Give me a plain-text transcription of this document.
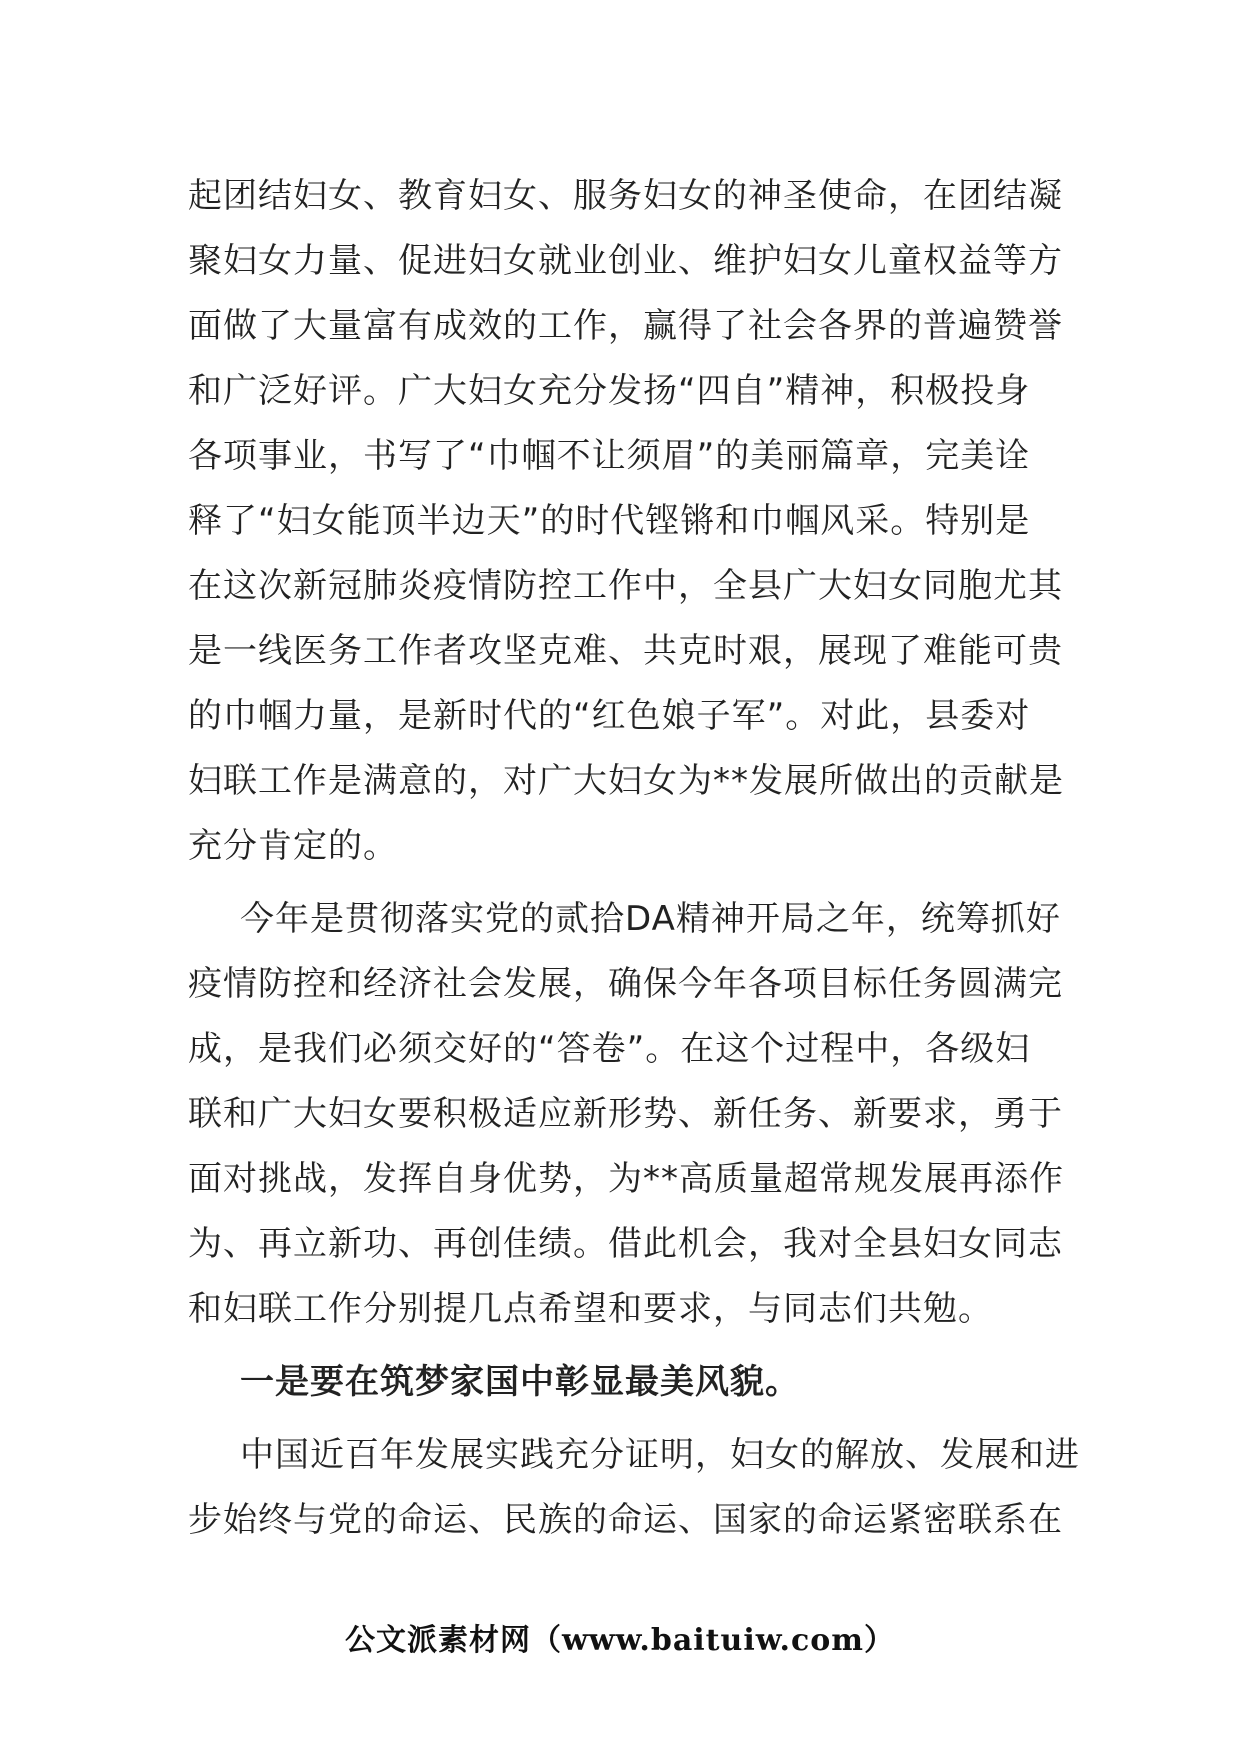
起团结妇女、教育妇女、服务妇女的神圣使命，在团结凝
聚妇女力量、促进妇女就业创业、维护妇女儿童权益等方
面做了大量富有成效的工作，赢得了社会各界的普遍赞誉
和广泛好评。广大妇女充分发扬“四自”精神，积极投身
各项事业，书写了“巾帼不让须眉”的美丽篇章，完美诠
释了“妇女能顶半边天”的时代铿锵和巾帼风采。特别是
在这次新冠肺炎疫情防控工作中，全县广大妇女同胞尤其
是一线医务工作者攻坚克难、共克时艰，展现了难能可贵
的巾帼力量，是新时代的“红色娘子军”。对此，县委对
妇联工作是满意的，对广大妇女为**发展所做出的贡献是
充分肯定的。
今年是贯彻落实党的贰拾DA精神开局之年，统筹抓好
疫情防控和经济社会发展，确保今年各项目标任务圆满完
成，是我们必须交好的“答卷”。在这个过程中，各级妇
联和广大妇女要积极适应新形势、新任务、新要求，勇于
面对挑战，发挥自身优势，为**高质量超常规发展再添作
为、再立新功、再创佳绩。借此机会，我对全县妇女同志
和妇联工作分别提几点希望和要求，与同志们共勉。
一是要在筑梦家国中彰显最美风貌。
中国近百年发展实践充分证明，妇女的解放、发展和进
步始终与党的命运、民族的命运、国家的命运紧密联系在
公文派素材网（www.baituiw.com）
